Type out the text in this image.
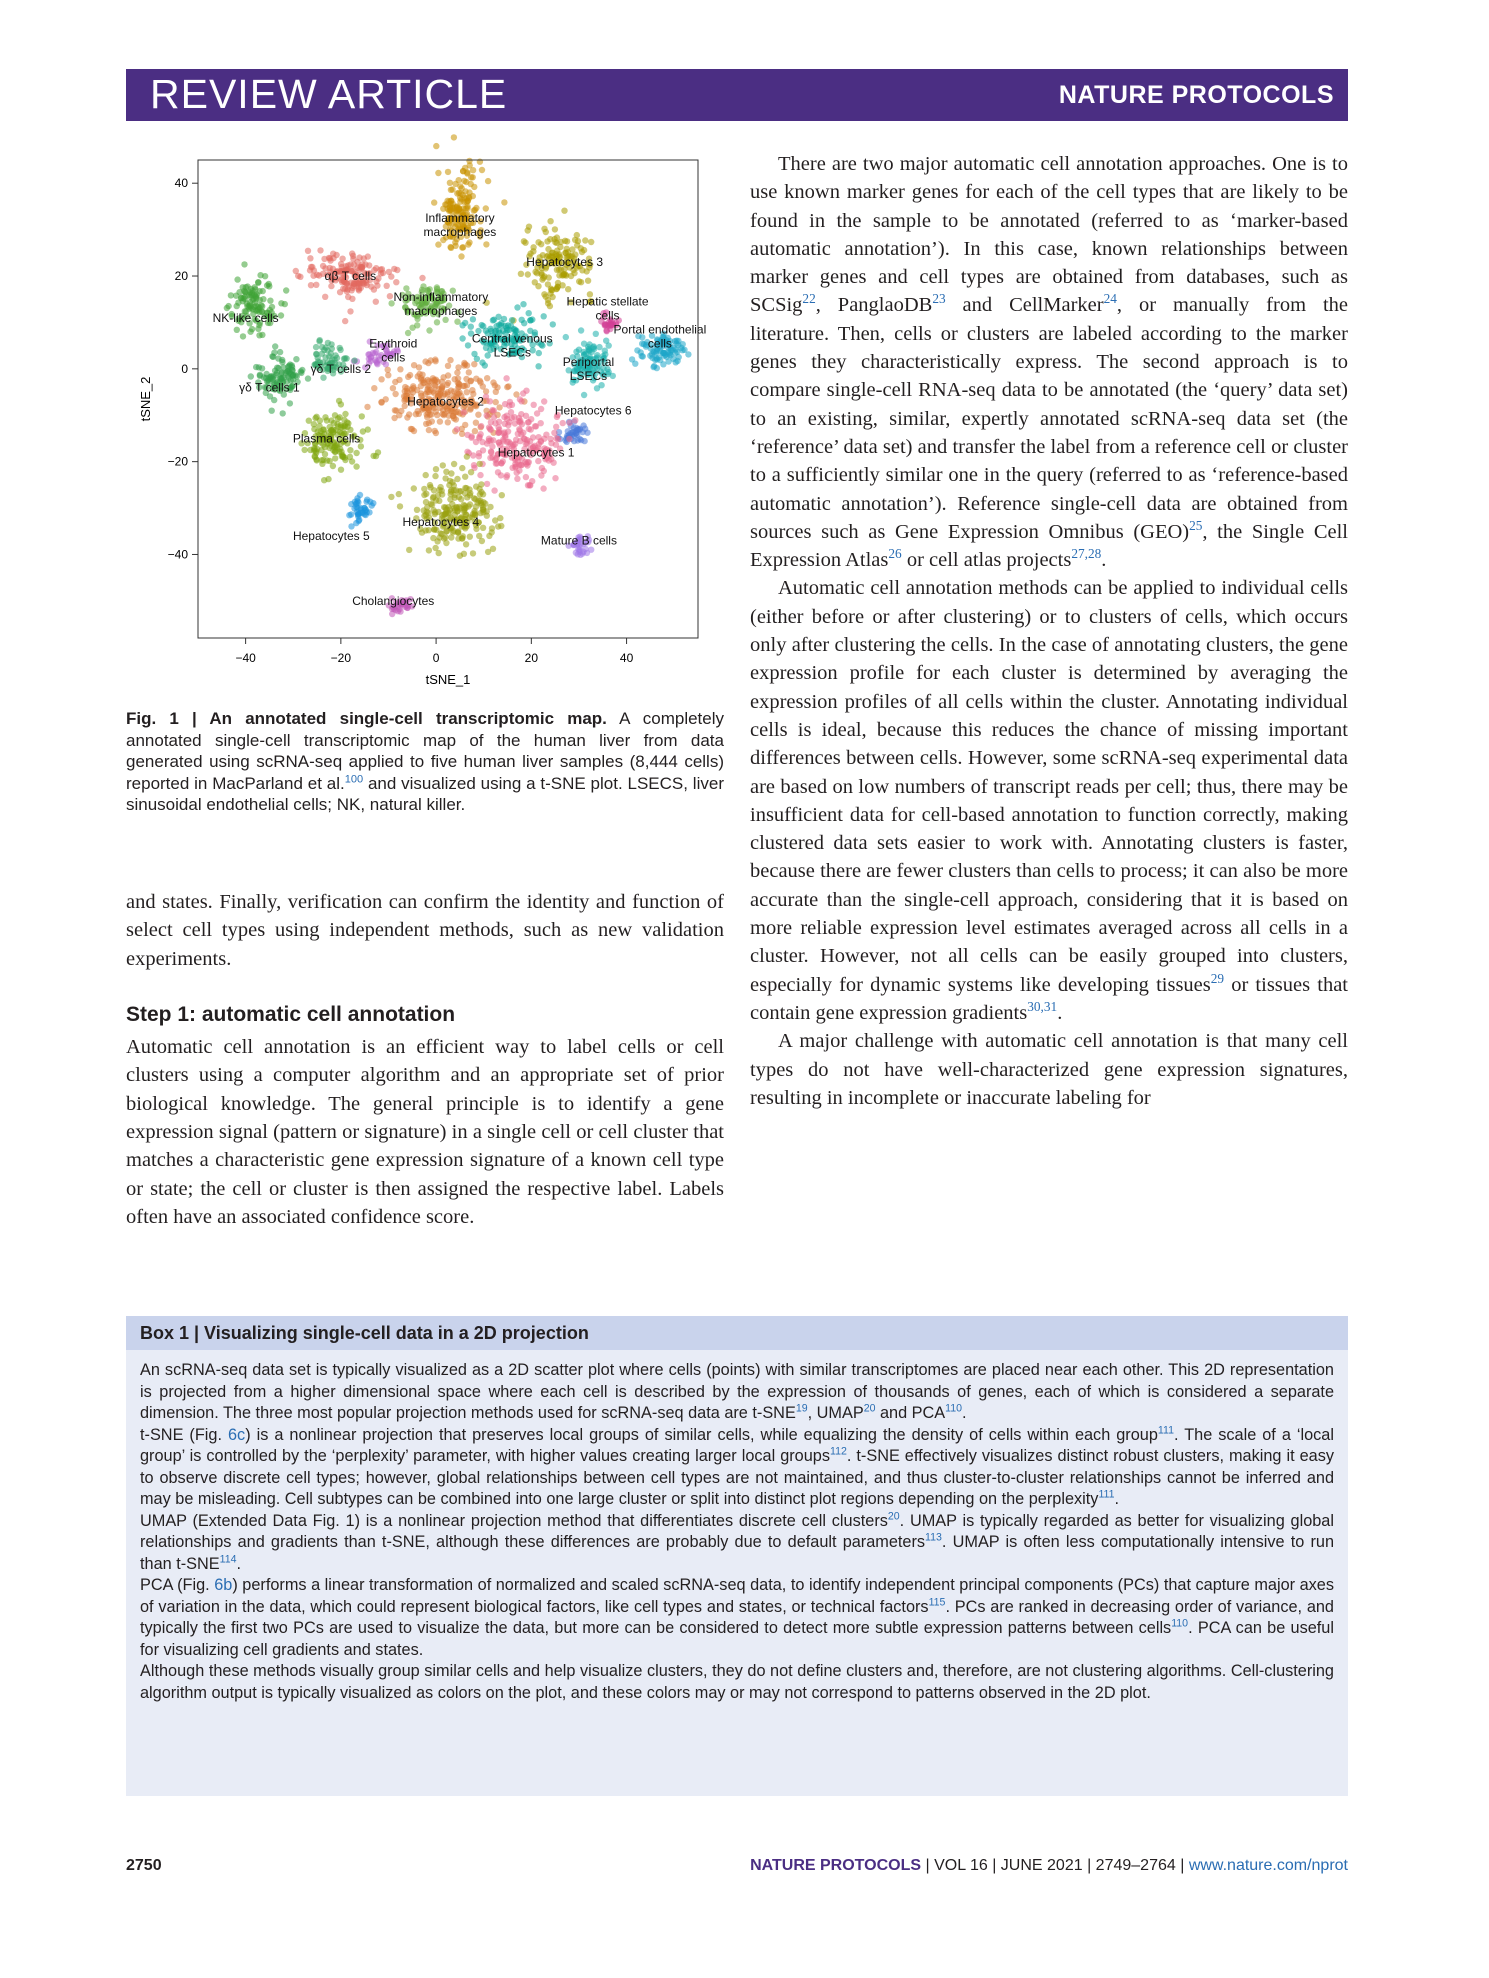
REVIEW ARTICLE	NATURE PROTOCOLS
−40	−20	0	20	40
−40
−20
0
20
40
Inflammatory macrophages
Hepatocytes 3
αβ T cells
Non-inflammatory macrophages
NK-like cells
Hepatic stellate cells
Portal endothelial cells
Central venous LSECs
Periportal LSECs
Erythroid cells
γδ T cells 2
γδ T cells 1
Hepatocytes 2
Hepatocytes 6
Plasma cells
Hepatocytes 1
Hepatocytes 4
Hepatocytes 5	Mature B cells
Cholangiocytes
tSNE_1
tSNE_2
Fig. 1 | An annotated single-cell transcriptomic map. A completely annotated single-cell transcriptomic map of the human liver from data generated using scRNA-seq applied to five human liver samples (8,444 cells) reported in MacParland et al.$^{100}$ and visualized using a t-SNE plot. LSECS, liver sinusoidal endothelial cells; NK, natural killer.

and states. Finally, verification can confirm the identity and function of select cell types using independent methods, such as new validation experiments.

Step 1: automatic cell annotation

Automatic cell annotation is an efficient way to label cells or cell clusters using a computer algorithm and an appropriate set of prior biological knowledge. The general principle is to identify a gene expression signal (pattern or signature) in a single cell or cell cluster that matches a characteristic gene expression signature of a known cell type or state; the cell or cluster is then assigned the respective label. Labels often have an associated confidence score.

There are two major automatic cell annotation approaches. One is to use known marker genes for each of the cell types that are likely to be found in the sample to be annotated (referred to as ‘marker-based automatic annotation’). In this case, known relationships between marker genes and cell types are obtained from databases, such as SCSig$^{22}$, PanglaoDB$^{23}$ and CellMarker$^{24}$, or manually from the literature. Then, cells or clusters are labeled according to the marker genes they characteristically express. The second approach is to compare single-cell RNA-seq data to be annotated (the ‘query’ data set) to an existing, similar, expertly annotated scRNA-seq data set (the ‘reference’ data set) and transfer the label from a reference cell or cluster to a sufficiently similar one in the query (referred to as ‘reference-based automatic annotation’). Reference single-cell data are obtained from sources such as Gene Expression Omnibus (GEO)$^{25}$, the Single Cell Expression Atlas$^{26}$ or cell atlas projects$^{27,28}$.

Automatic cell annotation methods can be applied to individual cells (either before or after clustering) or to clusters of cells, which occurs only after clustering the cells. In the case of annotating clusters, the gene expression profile for each cluster is determined by averaging the expression profiles of all cells within the cluster. Annotating individual cells is ideal, because this reduces the chance of missing important differences between cells. However, some scRNA-seq experimental data are based on low numbers of transcript reads per cell; thus, there may be insufficient data for cell-based annotation to function correctly, making clustered data sets easier to work with. Annotating clusters is faster, because there are fewer clusters than cells to process; it can also be more accurate than the single-cell approach, considering that it is based on more reliable expression level estimates averaged across all cells in a cluster. However, not all cells can be easily grouped into clusters, especially for dynamic systems like developing tissues$^{29}$ or tissues that contain gene expression gradients$^{30,31}$.

A major challenge with automatic cell annotation is that many cell types do not have well-characterized gene expression signatures, resulting in incomplete or inaccurate labeling for

Box 1 | Visualizing single-cell data in a 2D projection

An scRNA-seq data set is typically visualized as a 2D scatter plot where cells (points) with similar transcriptomes are placed near each other. This 2D representation is projected from a higher dimensional space where each cell is described by the expression of thousands of genes, each of which is considered a separate dimension. The three most popular projection methods used for scRNA-seq data are t-SNE$^{19}$, UMAP$^{20}$ and PCA$^{110}$.

t-SNE (Fig. 6c) is a nonlinear projection that preserves local groups of similar cells, while equalizing the density of cells within each group$^{111}$. The scale of a ‘local group’ is controlled by the ‘perplexity’ parameter, with higher values creating larger local groups$^{112}$. t-SNE effectively visualizes distinct robust clusters, making it easy to observe discrete cell types; however, global relationships between cell types are not maintained, and thus cluster-to-cluster relationships cannot be inferred and may be misleading. Cell subtypes can be combined into one large cluster or split into distinct plot regions depending on the perplexity$^{111}$.

UMAP (Extended Data Fig. 1) is a nonlinear projection method that differentiates discrete cell clusters$^{20}$. UMAP is typically regarded as better for visualizing global relationships and gradients than t-SNE, although these differences are probably due to default parameters$^{113}$. UMAP is often less computationally intensive to run than t-SNE$^{114}$.

PCA (Fig. 6b) performs a linear transformation of normalized and scaled scRNA-seq data, to identify independent principal components (PCs) that capture major axes of variation in the data, which could represent biological factors, like cell types and states, or technical factors$^{115}$. PCs are ranked in decreasing order of variance, and typically the first two PCs are used to visualize the data, but more can be considered to detect more subtle expression patterns between cells$^{110}$. PCA can be useful for visualizing cell gradients and states.

Although these methods visually group similar cells and help visualize clusters, they do not define clusters and, therefore, are not clustering algorithms. Cell-clustering algorithm output is typically visualized as colors on the plot, and these colors may or may not correspond to patterns observed in the 2D plot.

2750	NATURE PROTOCOLS | VOL 16 | JUNE 2021 | 2749–2764 | www.nature.com/nprot
